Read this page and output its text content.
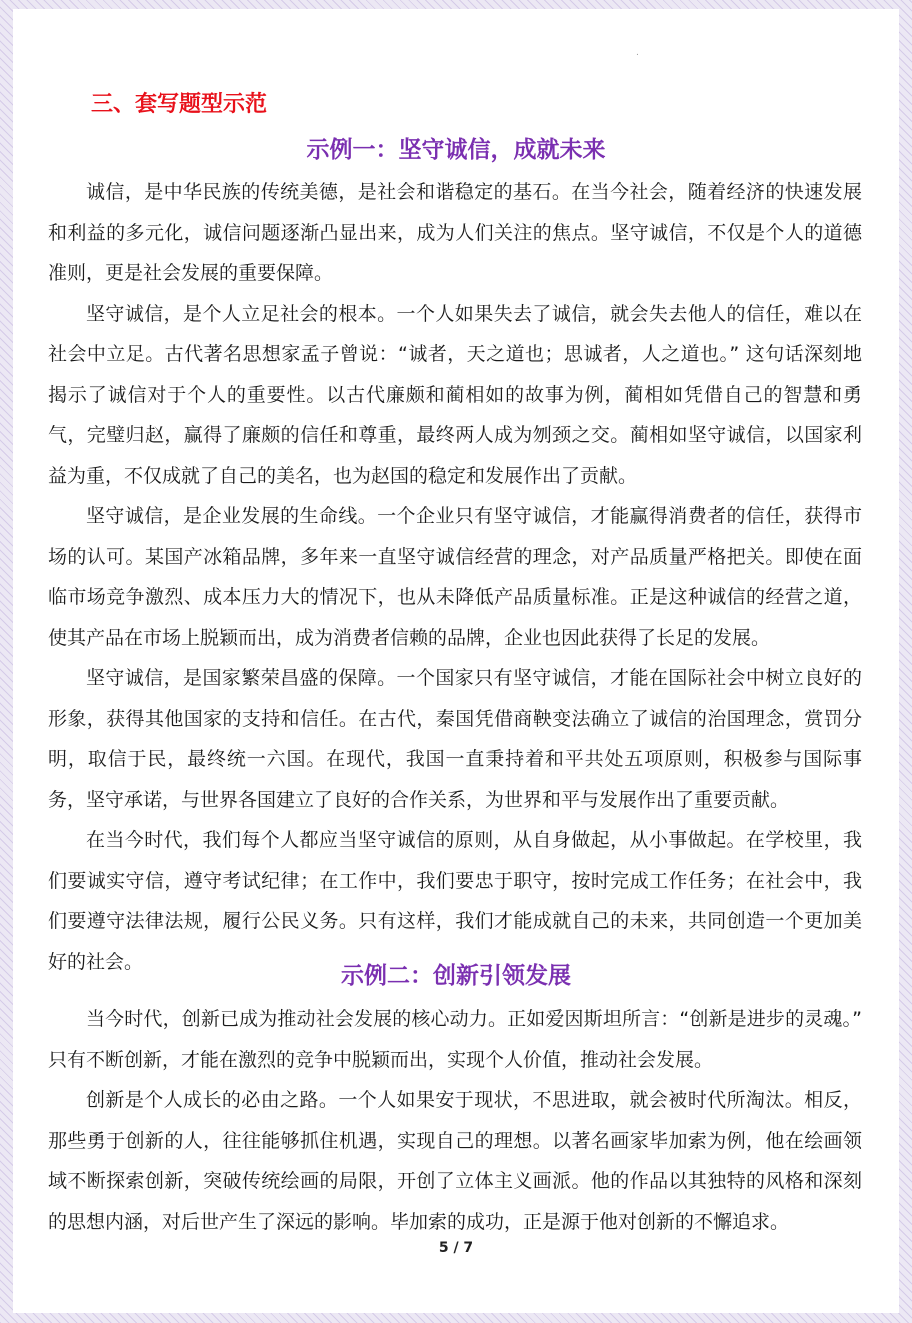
.
三、套写题型示范
示例一：坚守诚信，成就未来

诚信，是中华民族的传统美德，是社会和谐稳定的基石。在当今社会，随着经济的快速发展和利益的多元化，诚信问题逐渐凸显出来，成为人们关注的焦点。坚守诚信，不仅是个人的道德准则，更是社会发展的重要保障。

坚守诚信，是个人立足社会的根本。一个人如果失去了诚信，就会失去他人的信任，难以在社会中立足。古代著名思想家孟子曾说：“诚者，天之道也；思诚者，人之道也。” 这句话深刻地揭示了诚信对于个人的重要性。以古代廉颇和蔺相如的故事为例，蔺相如凭借自己的智慧和勇气，完璧归赵，赢得了廉颇的信任和尊重，最终两人成为刎颈之交。蔺相如坚守诚信，以国家利益为重，不仅成就了自己的美名，也为赵国的稳定和发展作出了贡献。

坚守诚信，是企业发展的生命线。一个企业只有坚守诚信，才能赢得消费者的信任，获得市场的认可。某国产冰箱品牌，多年来一直坚守诚信经营的理念，对产品质量严格把关。即使在面临市场竞争激烈、成本压力大的情况下，也从未降低产品质量标准。正是这种诚信的经营之道，使其产品在市场上脱颖而出，成为消费者信赖的品牌，企业也因此获得了长足的发展。

坚守诚信，是国家繁荣昌盛的保障。一个国家只有坚守诚信，才能在国际社会中树立良好的形象，获得其他国家的支持和信任。在古代，秦国凭借商鞅变法确立了诚信的治国理念，赏罚分明，取信于民，最终统一六国。在现代，我国一直秉持着和平共处五项原则，积极参与国际事务，坚守承诺，与世界各国建立了良好的合作关系，为世界和平与发展作出了重要贡献。

在当今时代，我们每个人都应当坚守诚信的原则，从自身做起，从小事做起。在学校里，我们要诚实守信，遵守考试纪律；在工作中，我们要忠于职守，按时完成工作任务；在社会中，我们要遵守法律法规，履行公民义务。只有这样，我们才能成就自己的未来，共同创造一个更加美好的社会。

示例二：创新引领发展

当今时代，创新已成为推动社会发展的核心动力。正如爱因斯坦所言：“创新是进步的灵魂。” 只有不断创新，才能在激烈的竞争中脱颖而出，实现个人价值，推动社会发展。

创新是个人成长的必由之路。一个人如果安于现状，不思进取，就会被时代所淘汰。相反，那些勇于创新的人，往往能够抓住机遇，实现自己的理想。以著名画家毕加索为例，他在绘画领域不断探索创新，突破传统绘画的局限，开创了立体主义画派。他的作品以其独特的风格和深刻的思想内涵，对后世产生了深远的影响。毕加索的成功，正是源于他对创新的不懈追求。

5 / 7
